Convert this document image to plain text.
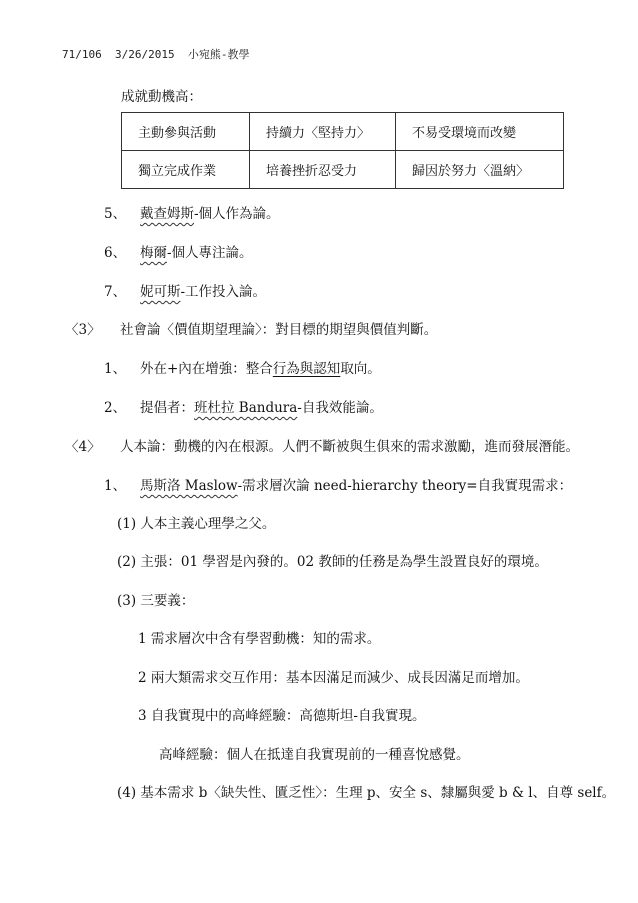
71/106 3/26/2015 小宛熊-教學
成就動機高：
主動參與活動	持續力〈堅持力〉	不易受環境而改變
獨立完成作業	培養挫折忍受力	歸因於努力〈溫納〉
5、 戴查姆斯-個人作為論。
6、 梅爾-個人專注論。
7、 妮可斯-工作投入論。
〈3〉 社會論〈價值期望理論〉：對目標的期望與價值判斷。
1、 外在+內在增強：整合行為與認知取向。
2、 提倡者：班杜拉 Bandura-自我效能論。
〈4〉 人本論：動機的內在根源。人們不斷被與生俱來的需求激勵，進而發展潛能。
1、 馬斯洛 Maslow-需求層次論 need-hierarchy theory=自我實現需求：
(1) 人本主義心理學之父。
(2) 主張：01 學習是內發的。02 教師的任務是為學生設置良好的環境。
(3) 三要義：
1 需求層次中含有學習動機：知的需求。
2 兩大類需求交互作用：基本因滿足而減少、成長因滿足而增加。
3 自我實現中的高峰經驗：高德斯坦-自我實現。
高峰經驗：個人在抵達自我實現前的一種喜悅感覺。
(4) 基本需求 b〈缺失性、匱乏性〉：生理 p、安全 s、隸屬與愛 b & l、自尊 self。
